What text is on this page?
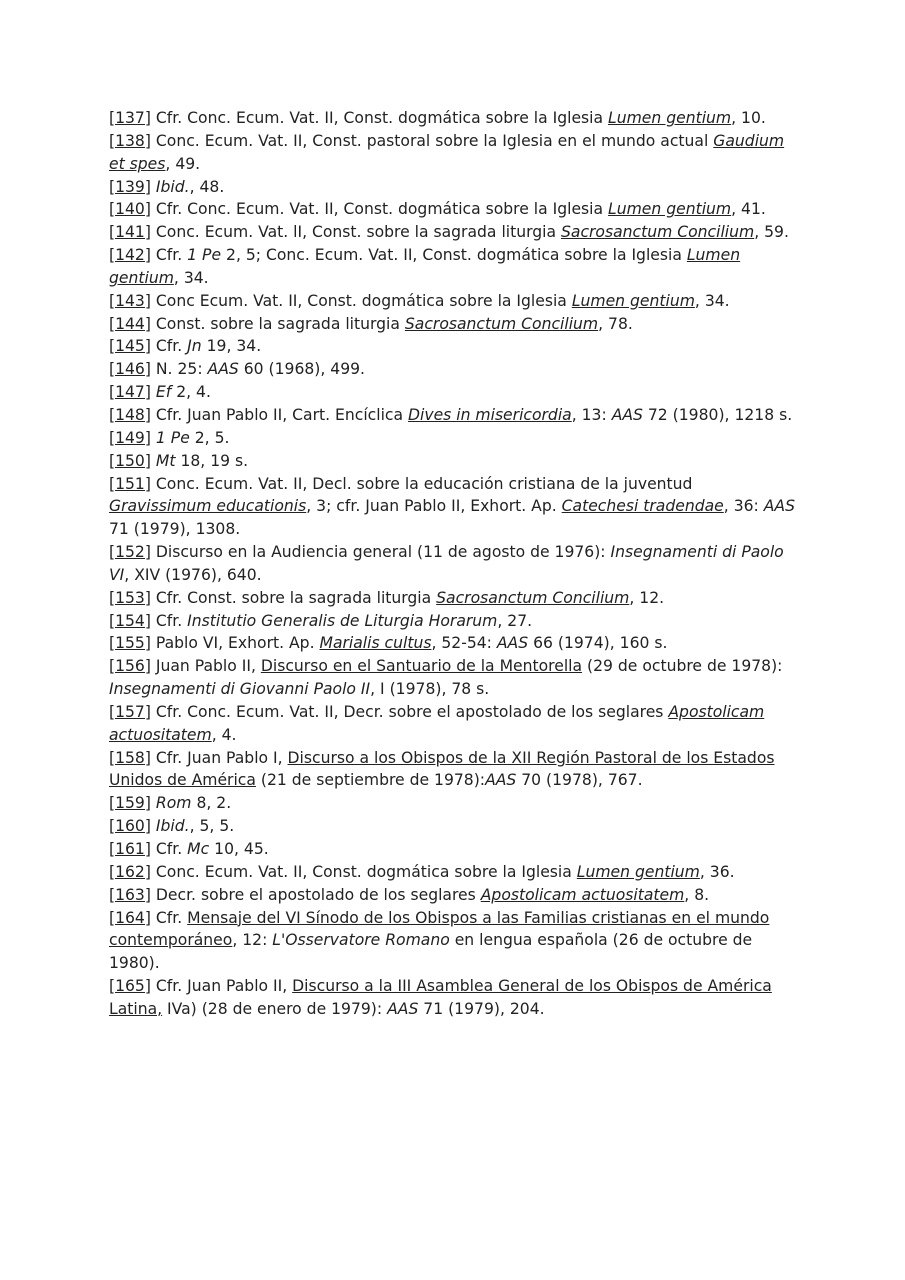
[137] Cfr. Conc. Ecum. Vat. II, Const. dogmática sobre la Iglesia Lumen gentium, 10.

[138] Conc. Ecum. Vat. II, Const. pastoral sobre la Iglesia en el mundo actual Gaudium et spes, 49.

[139] Ibid., 48.

[140] Cfr. Conc. Ecum. Vat. II, Const. dogmática sobre la Iglesia Lumen gentium, 41.

[141] Conc. Ecum. Vat. lI, Const. sobre la sagrada liturgia Sacrosanctum Concilium, 59.

[142] Cfr. 1 Pe 2, 5; Conc. Ecum. Vat. II, Const. dogmática sobre la Iglesia Lumen gentium, 34.

[143] Conc Ecum. Vat. II, Const. dogmática sobre la Iglesia Lumen gentium, 34.

[144] Const. sobre la sagrada liturgia Sacrosanctum Concilium, 78.

[145] Cfr. Jn 19, 34.

[146] N. 25: AAS 60 (1968), 499.

[147] Ef 2, 4.

[148] Cfr. Juan Pablo II, Cart. Encíclica Dives in misericordia, 13: AAS 72 (1980), 1218 s.

[149] 1 Pe 2, 5.

[150] Mt 18, 19 s.

[151] Conc. Ecum. Vat. II, Decl. sobre la educación cristiana de la juventud Gravissimum educationis, 3; cfr. Juan Pablo II, Exhort. Ap. Catechesi tradendae, 36: AAS 71 (1979), 1308.

[152] Discurso en la Audiencia general (11 de agosto de 1976): Insegnamenti di Paolo VI, XIV (1976), 640.

[153] Cfr. Const. sobre la sagrada liturgia Sacrosanctum Concilium, 12.

[154] Cfr. Institutio Generalis de Liturgia Horarum, 27.

[155] Pablo VI, Exhort. Ap. Marialis cultus, 52-54: AAS 66 (1974), 160 s.

[156] Juan Pablo II, Discurso en el Santuario de la Mentorella (29 de octubre de 1978): Insegnamenti di Giovanni Paolo II, I (1978), 78 s.

[157] Cfr. Conc. Ecum. Vat. II, Decr. sobre el apostolado de los seglares Apostolicam actuositatem, 4.

[158] Cfr. Juan Pablo I, Discurso a los Obispos de la XII Región Pastoral de los Estados Unidos de América (21 de septiembre de 1978):AAS 70 (1978), 767.

[159] Rom 8, 2.

[160] Ibid., 5, 5.

[161] Cfr. Mc 10, 45.

[162] Conc. Ecum. Vat. II, Const. dogmática sobre la Iglesia Lumen gentium, 36.

[163] Decr. sobre el apostolado de los seglares Apostolicam actuositatem, 8.

[164] Cfr. Mensaje del VI Sínodo de los Obispos a las Familias cristianas en el mundo contemporáneo, 12: L'Osservatore Romano en lengua española (26 de octubre de 1980).

[165] Cfr. Juan Pablo II, Discurso a la III Asamblea General de los Obispos de América Latina, IVa) (28 de enero de 1979): AAS 71 (1979), 204.
